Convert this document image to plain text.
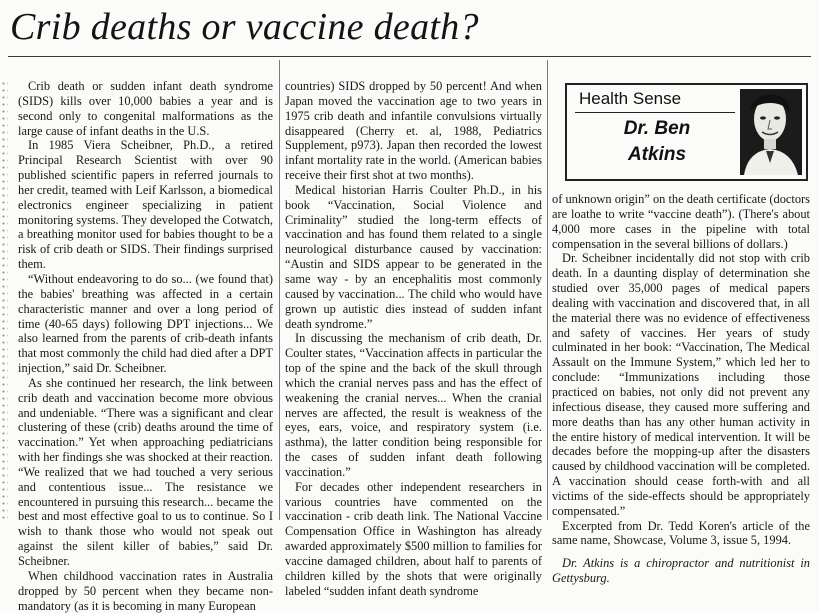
Crib deaths or vaccine death?

Crib death or sudden infant death syndrome (SIDS) kills over 10,000 babies a year and is second only to congenital malformations as the large cause of infant deaths in the U.S.

In 1985 Viera Scheibner, Ph.D., a retired Principal Research Scientist with over 90 published scientific papers in referred journals to her credit, teamed with Leif Karlsson, a biomedical electronics engineer specializing in patient monitoring systems. They developed the Cotwatch, a breathing monitor used for babies thought to be a risk of crib death or SIDS. Their findings surprised them.

“Without endeavoring to do so... (we found that) the babies' breathing was affected in a certain characteristic manner and over a long period of time (40-65 days) following DPT injections... We also learned from the parents of crib-death infants that most commonly the child had died after a DPT injection,” said Dr. Scheibner.

As she continued her research, the link between crib death and vaccination become more obvious and undeniable. “There was a significant and clear clustering of these (crib) deaths around the time of vaccination.” Yet when approaching pediatricians with her findings she was shocked at their reaction. “We realized that we had touched a very serious and contentious issue... The resistance we encountered in pursuing this research... became the best and most effective goal to us to continue. So I wish to thank those who would not speak out against the silent killer of babies,” said Dr. Scheibner.

When childhood vaccination rates in Australia dropped by 50 percent when they became non-mandatory (as it is becoming in many European

countries) SIDS dropped by 50 percent! And when Japan moved the vaccination age to two years in 1975 crib death and infantile convulsions virtually disappeared (Cherry et. al, 1988, Pediatrics Supplement, p973). Japan then recorded the lowest infant mortality rate in the world. (American babies receive their first shot at two months).

Medical historian Harris Coulter Ph.D., in his book “Vaccination, Social Violence and Criminality” studied the long-term effects of vaccination and has found them related to a single neurological disturbance caused by vaccination: “Austin and SIDS appear to be generated in the same way - by an encephalitis most commonly caused by vaccination... The child who would have grown up autistic dies instead of sudden infant death syndrome.”

In discussing the mechanism of crib death, Dr. Coulter states, “Vaccination affects in particular the top of the spine and the back of the skull through which the cranial nerves pass and has the effect of weakening the cranial nerves... When the cranial nerves are affected, the result is weakness of the eyes, ears, voice, and respiratory system (i.e. asthma), the latter condition being responsible for the cases of sudden infant death following vaccination.”

For decades other independent researchers in various countries have commented on the vaccination - crib death link. The National Vaccine Compensation Office in Washington has already awarded approximately $500 million to families for vaccine damaged children, about half to parents of children killed by the shots that were originally labeled “sudden infant death syndrome

Health Sense
Dr. Ben
Atkins

of unknown origin” on the death certificate (doctors are loathe to write “vaccine death”). (There's about 4,000 more cases in the pipeline with total compensation in the several billions of dollars.)

Dr. Scheibner incidentally did not stop with crib death. In a daunting display of determination she studied over 35,000 pages of medical papers dealing with vaccination and discovered that, in all the material there was no evidence of effectiveness and safety of vaccines. Her years of study culminated in her book: “Vaccination, The Medical Assault on the Immune System,” which led her to conclude: “Immunizations including those practiced on babies, not only did not prevent any infectious disease, they caused more suffering and more deaths than has any other human activity in the entire history of medical intervention. It will be decades before the mopping-up after the disasters caused by childhood vaccination will be completed. A vaccination should cease forth-with and all victims of the side-effects should be appropriately compensated.”

Excerpted from Dr. Tedd Koren's article of the same name, Showcase, Volume 3, issue 5, 1994.

Dr. Atkins is a chiropractor and nutritionist in Gettysburg.
